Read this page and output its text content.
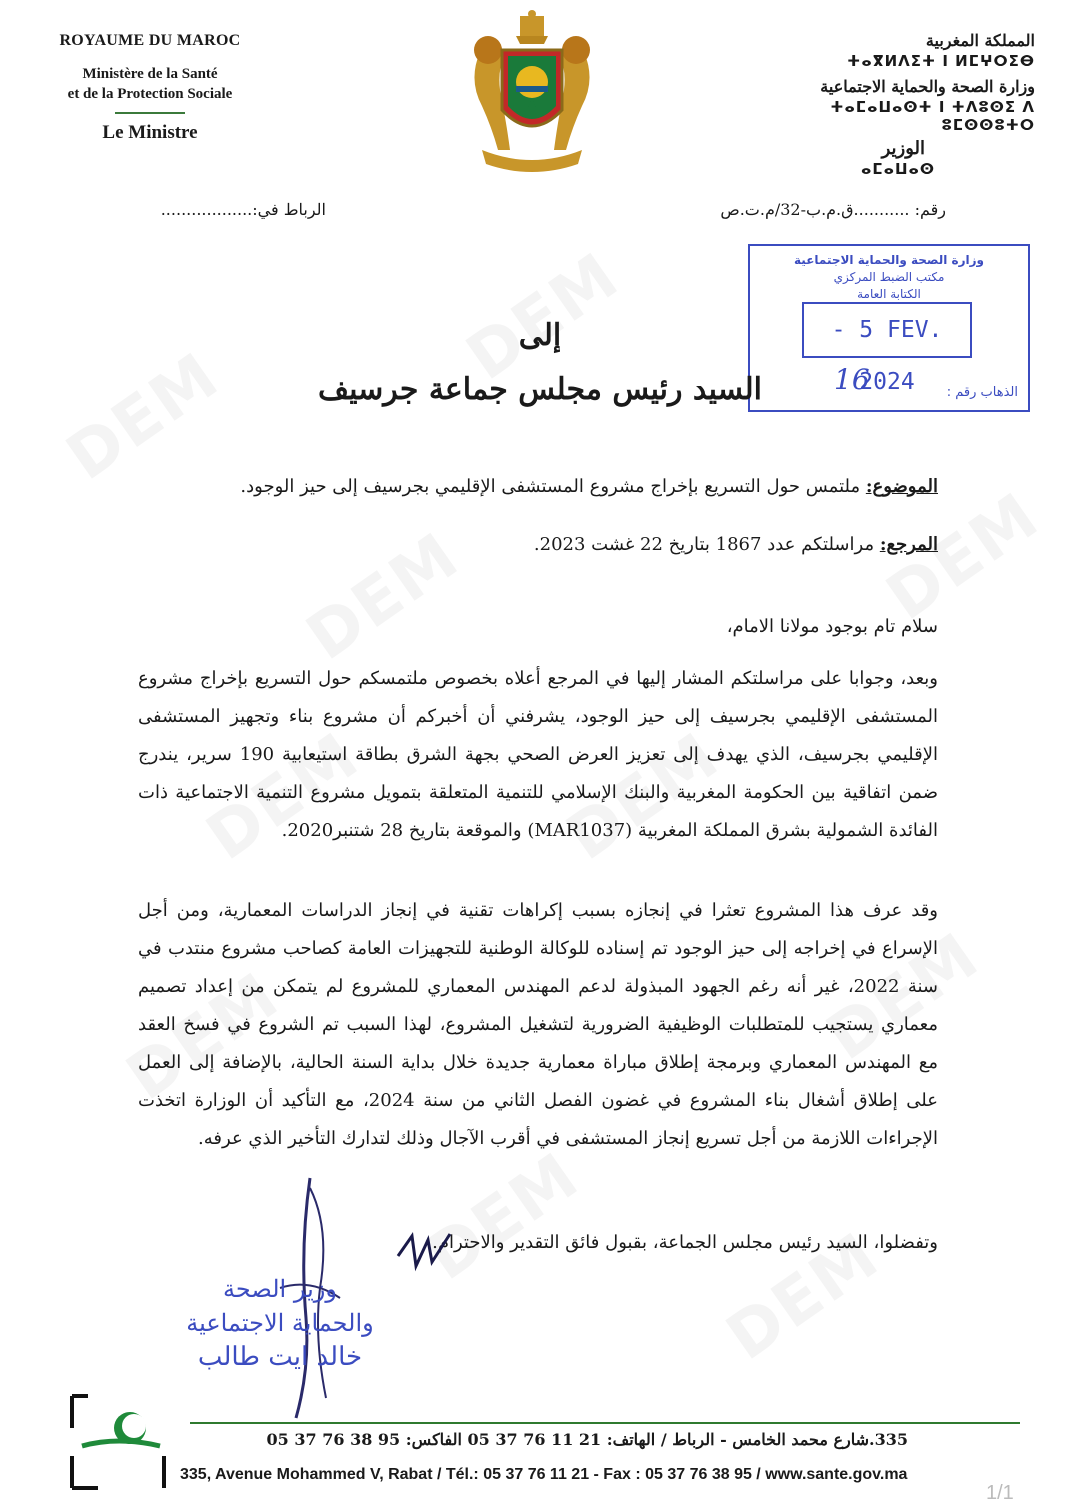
ROYAUME DU MAROC
Ministère de la Santé
et de la Protection Sociale
Le Ministre
المملكة المغربية
ⵜⴰⴳⵍⴷⵉⵜ ⵏ ⵍⵎⵖⵔⵉⴱ
وزارة الصحة والحماية الاجتماعية
ⵜⴰⵎⴰⵡⴰⵙⵜ ⵏ ⵜⴷⵓⵙⵉ ⴷ ⵓⵎⵙⵙⵓⵜⵔ
الوزير
ⴰⵎⴰⵡⴰⵙ
رقم: ...........ق.م.ب-32/م.ت.ص
الرباط في:..................
وزارة الصحة والحماية الاجتماعية
مكتب الضبط المركزي
الكتابة العامة
- 5 FEV. 2024	الذهاب رقم :
16
إلى
السيد رئيس مجلس جماعة جرسيف
الموضوع: ملتمس حول التسريع بإخراج مشروع المستشفى الإقليمي بجرسيف إلى حيز الوجود.
المرجع: مراسلتكم عدد 1867 بتاريخ 22 غشت 2023.
سلام تام بوجود مولانا الامام،
وبعد، وجوابا على مراسلتكم المشار إليها في المرجع أعلاه بخصوص ملتمسكم حول التسريع بإخراج مشروع المستشفى الإقليمي بجرسيف إلى حيز الوجود، يشرفني أن أخبركم أن مشروع بناء وتجهيز المستشفى الإقليمي بجرسيف، الذي يهدف إلى تعزيز العرض الصحي بجهة الشرق بطاقة استيعابية 190 سرير، يندرج ضمن اتفاقية بين الحكومة المغربية والبنك الإسلامي للتنمية المتعلقة بتمويل مشروع التنمية الاجتماعية ذات الفائدة الشمولية بشرق المملكة المغربية (MAR1037) والموقعة بتاريخ 28 شتنبر2020.
وقد عرف هذا المشروع تعثرا في إنجازه بسبب إكراهات تقنية في إنجاز الدراسات المعمارية، ومن أجل الإسراع في إخراجه إلى حيز الوجود تم إسناده للوكالة الوطنية للتجهيزات العامة كصاحب مشروع منتدب في سنة 2022، غير أنه رغم الجهود المبذولة لدعم المهندس المعماري للمشروع لم يتمكن من إعداد تصميم معماري يستجيب للمتطلبات الوظيفية الضرورية لتشغيل المشروع، لهذا السبب تم الشروع في فسخ العقد مع المهندس المعماري وبرمجة إطلاق مباراة معمارية جديدة خلال بداية السنة الحالية، بالإضافة إلى العمل على إطلاق أشغال بناء المشروع في غضون الفصل الثاني من سنة 2024، مع التأكيد أن الوزارة اتخذت الإجراءات اللازمة من أجل تسريع إنجاز المستشفى في أقرب الآجال وذلك لتدارك التأخير الذي عرفه.
وتفضلوا، السيد رئيس مجلس الجماعة، بقبول فائق التقدير والاحترام.
وزير الصحة
والحماية الاجتماعية
خالد ايت طالب
335.شارع محمد الخامس - الرباط / الهاتف: 21 11 76 37 05 الفاكس: 95 38 76 37 05
335, Avenue Mohammed V, Rabat / Tél.: 05 37 76 11 21 - Fax : 05 37 76 38 95 / www.sante.gov.ma
1/1
